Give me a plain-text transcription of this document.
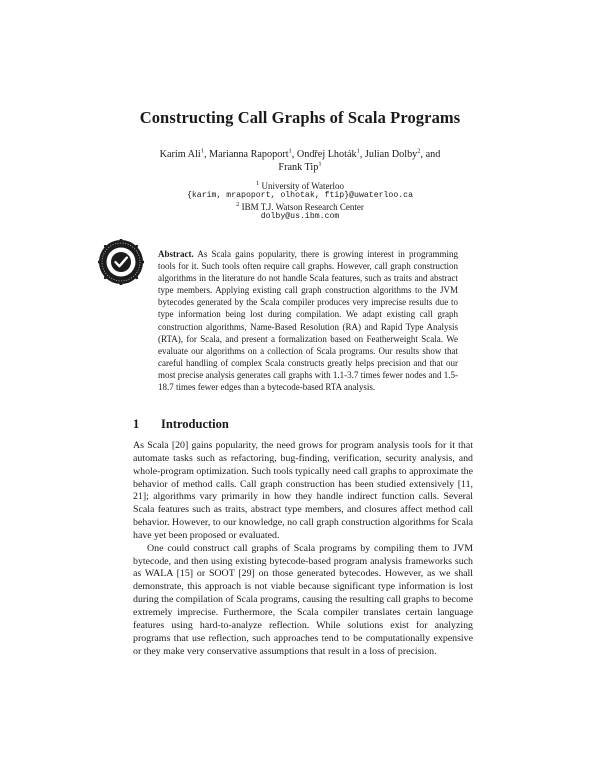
Constructing Call Graphs of Scala Programs
Karim Ali$^1$, Marianna Rapoport$^1$, Ondřej Lhoták$^1$, Julian Dolby$^2$, and
Frank Tip$^1$
$^1$ University of Waterloo
{karim, mrapoport, olhotak, ftip}@uwaterloo.ca
$^2$ IBM T.J. Watson Research Center
dolby@us.ibm.com
Abstract. As Scala gains popularity, there is growing interest in programming tools for it. Such tools often require call graphs. However, call graph construction algorithms in the literature do not handle Scala features, such as traits and abstract type members. Applying existing call graph construction algorithms to the JVM bytecodes generated by the Scala compiler produces very imprecise results due to type information being lost during compilation. We adapt existing call graph construction algorithms, Name-Based Resolution (RA) and Rapid Type Analysis (RTA), for Scala, and present a formalization based on Featherweight Scala. We evaluate our algorithms on a collection of Scala programs. Our results show that careful handling of complex Scala constructs greatly helps precision and that our most precise analysis generates call graphs with 1.1-3.7 times fewer nodes and 1.5-18.7 times fewer edges than a bytecode-based RTA analysis.
1 Introduction

As Scala [20] gains popularity, the need grows for program analysis tools for it that automate tasks such as refactoring, bug-finding, verification, security analysis, and whole-program optimization. Such tools typically need call graphs to approximate the behavior of method calls. Call graph construction has been studied extensively [11, 21]; algorithms vary primarily in how they handle indirect function calls. Several Scala features such as traits, abstract type members, and closures affect method call behavior. However, to our knowledge, no call graph construction algorithms for Scala have yet been proposed or evaluated.

One could construct call graphs of Scala programs by compiling them to JVM bytecode, and then using existing bytecode-based program analysis frameworks such as WALA [15] or SOOT [29] on those generated bytecodes. However, as we shall demonstrate, this approach is not viable because significant type information is lost during the compilation of Scala programs, causing the resulting call graphs to become extremely imprecise. Furthermore, the Scala compiler translates certain language features using hard-to-analyze reflection. While solutions exist for analyzing programs that use reflection, such approaches tend to be computationally expensive or they make very conservative assumptions that result in a loss of precision.
